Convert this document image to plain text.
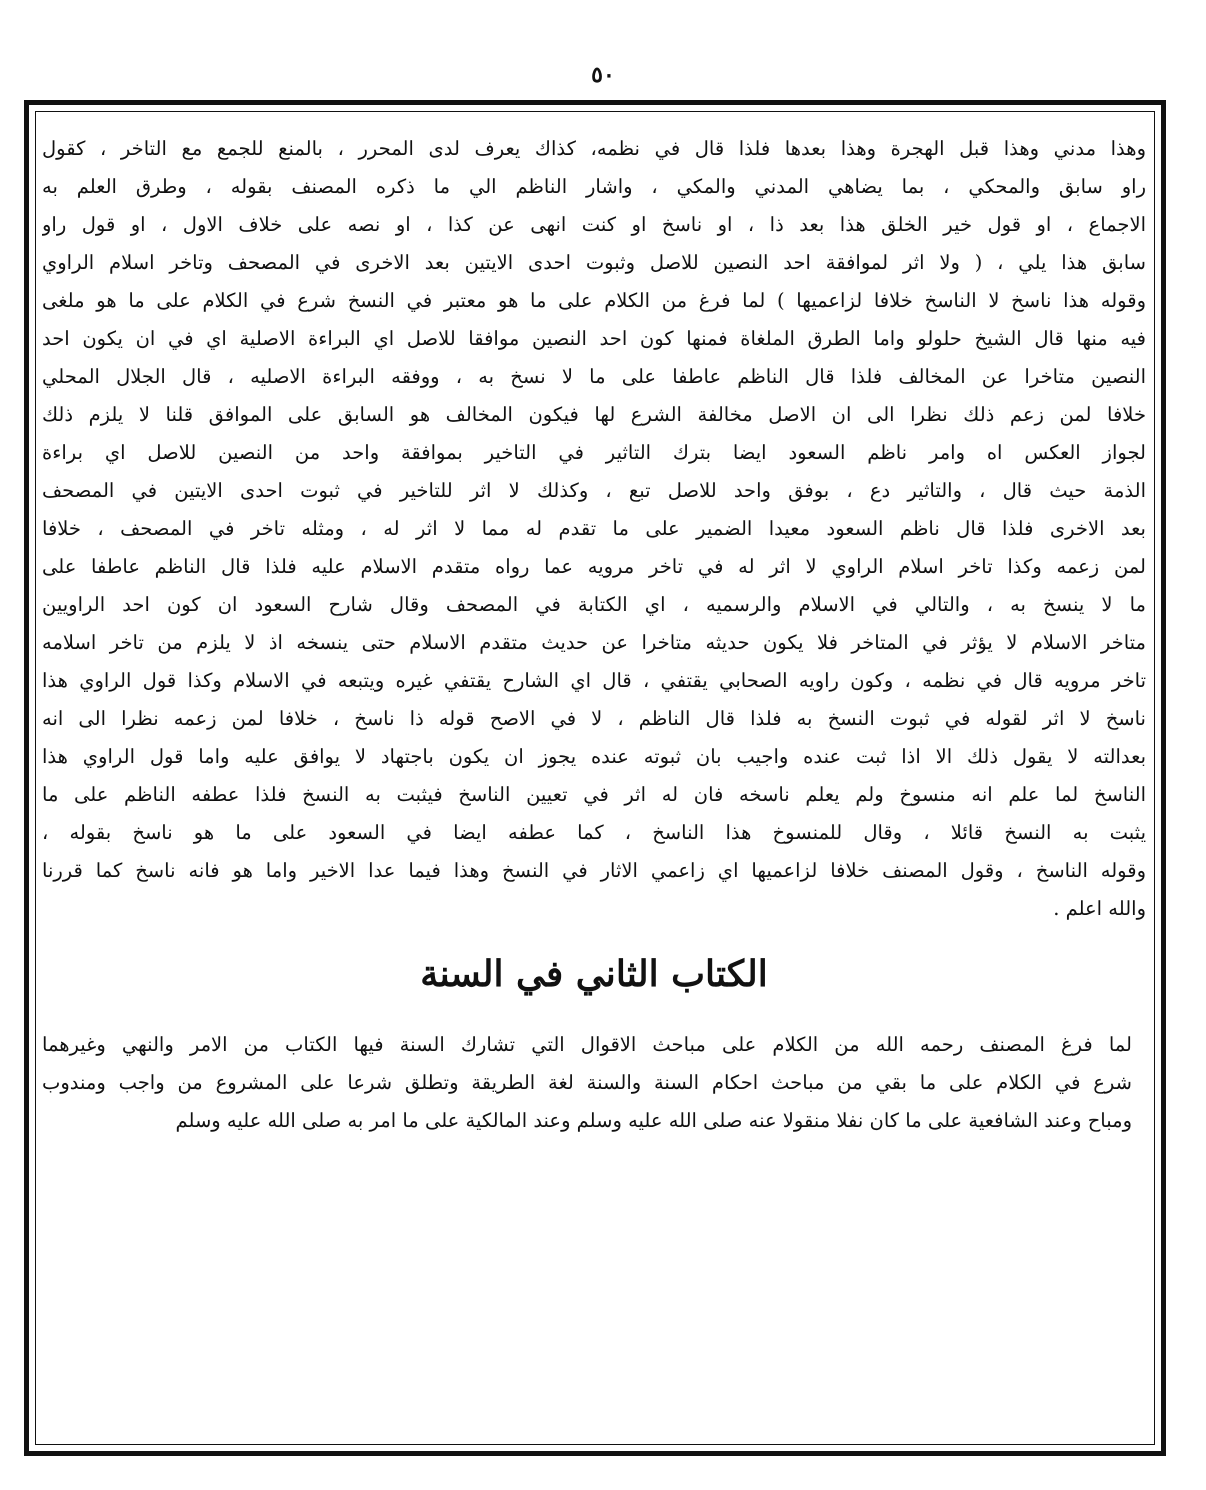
٥٠
وهذا مدني وهذا قبل الهجرة وهذا بعدها فلذا قال في نظمه، كذاك يعرف لدى المحرر ، بالمنع للجمع مع التاخر ، كقول
راو سابق والمحكي ، بما يضاهي المدني والمكي ، واشار الناظم الي ما ذكره المصنف بقوله ، وطرق العلم به
الاجماع ، او قول خير الخلق هذا بعد ذا ، او ناسخ او كنت انهى عن كذا ، او نصه على خلاف الاول ، او قول راو
سابق هذا يلي ، ( ولا اثر لموافقة احد النصين للاصل وثبوت احدى الايتين بعد الاخرى في المصحف وتاخر اسلام الراوي
وقوله هذا ناسخ لا الناسخ خلافا لزاعميها ) لما فرغ من الكلام على ما هو معتبر في النسخ شرع في الكلام على ما هو ملغى
فيه منها قال الشيخ حلولو واما الطرق الملغاة فمنها كون احد النصين موافقا للاصل اي البراءة الاصلية اي في ان يكون احد
النصين متاخرا عن المخالف فلذا قال الناظم عاطفا على ما لا نسخ به ، ووفقه البراءة الاصليه ، قال الجلال المحلي
خلافا لمن زعم ذلك نظرا الى ان الاصل مخالفة الشرع لها فيكون المخالف هو السابق على الموافق قلنا لا يلزم ذلك
لجواز العكس اه وامر ناظم السعود ايضا بترك التاثير في التاخير بموافقة واحد من النصين للاصل اي براءة
الذمة حيث قال ، والتاثير دع ، بوفق واحد للاصل تبع ، وكذلك لا اثر للتاخير في ثبوت احدى الايتين في المصحف
بعد الاخرى فلذا قال ناظم السعود معيدا الضمير على ما تقدم له مما لا اثر له ، ومثله تاخر في المصحف ، خلافا
لمن زعمه وكذا تاخر اسلام الراوي لا اثر له في تاخر مرويه عما رواه متقدم الاسلام عليه فلذا قال الناظم عاطفا على
ما لا ينسخ به ، والتالي في الاسلام والرسميه ، اي الكتابة في المصحف وقال شارح السعود ان كون احد الراويين
متاخر الاسلام لا يؤثر في المتاخر فلا يكون حديثه متاخرا عن حديث متقدم الاسلام حتى ينسخه اذ لا يلزم من تاخر اسلامه
تاخر مرويه قال في نظمه ، وكون راويه الصحابي يقتفي ، قال اي الشارح يقتفي غيره ويتبعه في الاسلام وكذا قول الراوي هذا
ناسخ لا اثر لقوله في ثبوت النسخ به فلذا قال الناظم ، لا في الاصح قوله ذا ناسخ ، خلافا لمن زعمه نظرا الى انه
بعدالته لا يقول ذلك الا اذا ثبت عنده واجيب بان ثبوته عنده يجوز ان يكون باجتهاد لا يوافق عليه واما قول الراوي هذا
الناسخ لما علم انه منسوخ ولم يعلم ناسخه فان له اثر في تعيين الناسخ فيثبت به النسخ فلذا عطفه الناظم على ما
يثبت به النسخ قائلا ، وقال للمنسوخ هذا الناسخ ، كما عطفه ايضا في السعود على ما هو ناسخ بقوله ،
وقوله الناسخ ، وقول المصنف خلافا لزاعميها اي زاعمي الاثار في النسخ وهذا فيما عدا الاخير واما هو فانه ناسخ كما قررنا
والله اعلم .
الكتاب الثاني في السنة
لما فرغ المصنف رحمه الله من الكلام على مباحث الاقوال التي تشارك السنة فيها الكتاب من الامر والنهي وغيرهما
شرع في الكلام على ما بقي من مباحث احكام السنة والسنة لغة الطريقة وتطلق شرعا على المشروع من واجب ومندوب
ومباح وعند الشافعية على ما كان نفلا منقولا عنه صلى الله عليه وسلم وعند المالكية على ما امر به صلى الله عليه وسلم
